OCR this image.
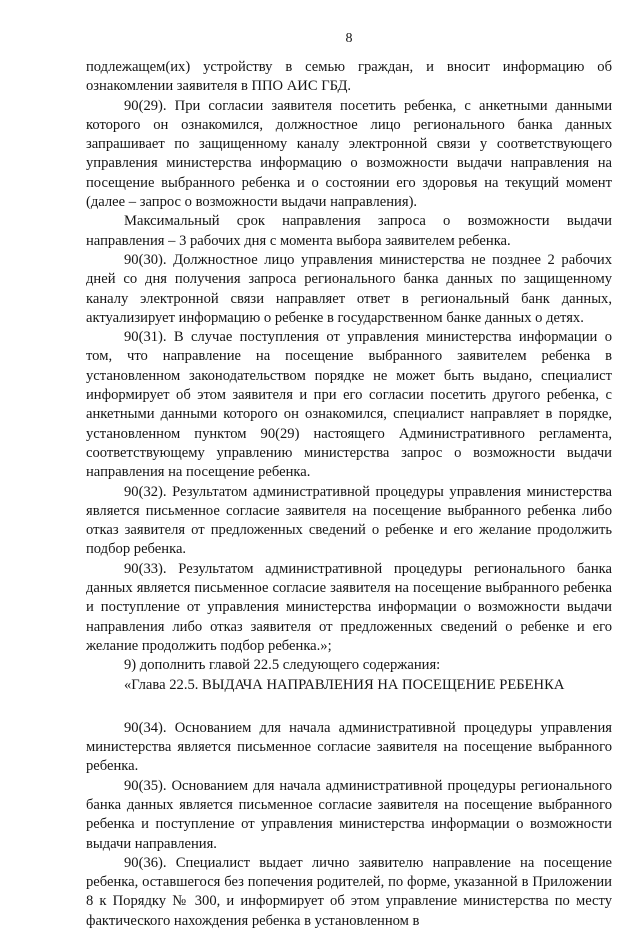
8

подлежащем(их) устройству в семью граждан, и вносит информацию об ознакомлении заявителя в ППО АИС ГБД.

90(29). При согласии заявителя посетить ребенка, с анкетными данными которого он ознакомился, должностное лицо регионального банка данных запрашивает по защищенному каналу электронной связи у соответствующего управления министерства информацию о возможности выдачи направления на посещение выбранного ребенка и о состоянии его здоровья на текущий момент (далее – запрос о возможности выдачи направления).

Максимальный срок направления запроса о возможности выдачи направления – 3 рабочих дня с момента выбора заявителем ребенка.

90(30). Должностное лицо управления министерства не позднее 2 рабочих дней со дня получения запроса регионального банка данных по защищенному каналу электронной связи направляет ответ в региональный банк данных, актуализирует информацию о ребенке в государственном банке данных о детях.

90(31). В случае поступления от управления министерства информации о том, что направление на посещение выбранного заявителем ребенка в установленном законодательством порядке не может быть выдано, специалист информирует об этом заявителя и при его согласии посетить другого ребенка, с анкетными данными которого он ознакомился, специалист направляет в порядке, установленном пунктом 90(29) настоящего Административного регламента, соответствующему управлению министерства запрос о возможности выдачи направления на посещение ребенка.

90(32). Результатом административной процедуры управления министерства является письменное согласие заявителя на посещение выбранного ребенка либо отказ заявителя от предложенных сведений о ребенке и его желание продолжить подбор ребенка.

90(33). Результатом административной процедуры регионального банка данных является письменное согласие заявителя на посещение выбранного ребенка и поступление от управления министерства информации о возможности выдачи направления либо отказ заявителя от предложенных сведений о ребенке и его желание продолжить подбор ребенка.»;

9) дополнить главой 22.5 следующего содержания:

«Глава 22.5. ВЫДАЧА НАПРАВЛЕНИЯ НА ПОСЕЩЕНИЕ РЕБЕНКА

90(34). Основанием для начала административной процедуры управления министерства является письменное согласие заявителя на посещение выбранного ребенка.

90(35). Основанием для начала административной процедуры регионального банка данных является письменное согласие заявителя на посещение выбранного ребенка и поступление от управления министерства информации о возможности выдачи направления.

90(36). Специалист выдает лично заявителю направление на посещение ребенка, оставшегося без попечения родителей, по форме, указанной в Приложении 8 к Порядку № 300, и информирует об этом управление министерства по месту фактического нахождения ребенка в установленном в
